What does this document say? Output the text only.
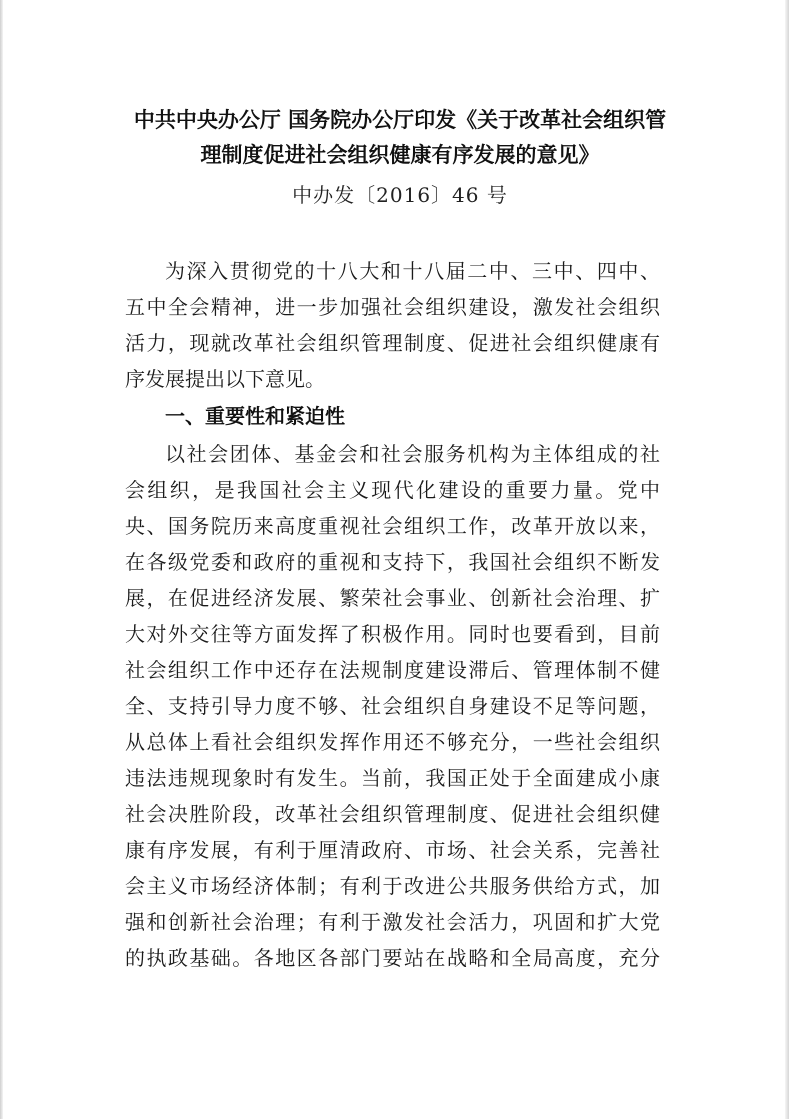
中共中央办公厅 国务院办公厅印发《关于改革社会组织管
理制度促进社会组织健康有序发展的意见》
中办发〔2016〕46 号
为深入贯彻党的十八大和十八届二中、三中、四中、
五中全会精神，进一步加强社会组织建设，激发社会组织
活力，现就改革社会组织管理制度、促进社会组织健康有
序发展提出以下意见。
一、重要性和紧迫性
以社会团体、基金会和社会服务机构为主体组成的社
会组织，是我国社会主义现代化建设的重要力量。党中
央、国务院历来高度重视社会组织工作，改革开放以来，
在各级党委和政府的重视和支持下，我国社会组织不断发
展，在促进经济发展、繁荣社会事业、创新社会治理、扩
大对外交往等方面发挥了积极作用。同时也要看到，目前
社会组织工作中还存在法规制度建设滞后、管理体制不健
全、支持引导力度不够、社会组织自身建设不足等问题，
从总体上看社会组织发挥作用还不够充分，一些社会组织
违法违规现象时有发生。当前，我国正处于全面建成小康
社会决胜阶段，改革社会组织管理制度、促进社会组织健
康有序发展，有利于厘清政府、市场、社会关系，完善社
会主义市场经济体制；有利于改进公共服务供给方式，加
强和创新社会治理；有利于激发社会活力，巩固和扩大党
的执政基础。各地区各部门要站在战略和全局高度，充分
